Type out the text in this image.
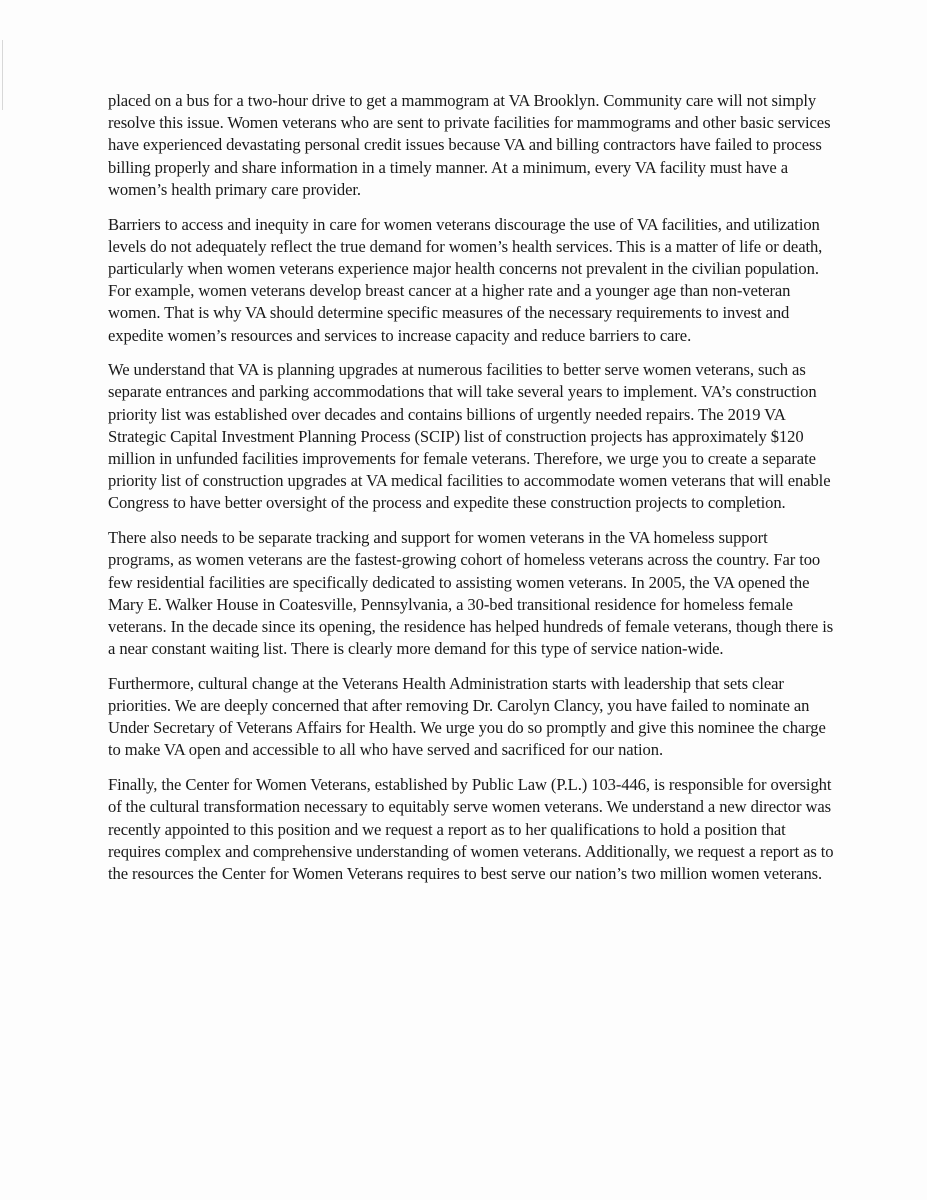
placed on a bus for a two-hour drive to get a mammogram at VA Brooklyn. Community care will not simply resolve this issue. Women veterans who are sent to private facilities for mammograms and other basic services have experienced devastating personal credit issues because VA and billing contractors have failed to process billing properly and share information in a timely manner. At a minimum, every VA facility must have a women’s health primary care provider.

Barriers to access and inequity in care for women veterans discourage the use of VA facilities, and utilization levels do not adequately reflect the true demand for women’s health services. This is a matter of life or death, particularly when women veterans experience major health concerns not prevalent in the civilian population. For example, women veterans develop breast cancer at a higher rate and a younger age than non-veteran women. That is why VA should determine specific measures of the necessary requirements to invest and expedite women’s resources and services to increase capacity and reduce barriers to care.

We understand that VA is planning upgrades at numerous facilities to better serve women veterans, such as separate entrances and parking accommodations that will take several years to implement. VA’s construction priority list was established over decades and contains billions of urgently needed repairs. The 2019 VA Strategic Capital Investment Planning Process (SCIP) list of construction projects has approximately $120 million in unfunded facilities improvements for female veterans. Therefore, we urge you to create a separate priority list of construction upgrades at VA medical facilities to accommodate women veterans that will enable Congress to have better oversight of the process and expedite these construction projects to completion.

There also needs to be separate tracking and support for women veterans in the VA homeless support programs, as women veterans are the fastest-growing cohort of homeless veterans across the country. Far too few residential facilities are specifically dedicated to assisting women veterans. In 2005, the VA opened the Mary E. Walker House in Coatesville, Pennsylvania, a 30-bed transitional residence for homeless female veterans. In the decade since its opening, the residence has helped hundreds of female veterans, though there is a near constant waiting list. There is clearly more demand for this type of service nation-wide.

Furthermore, cultural change at the Veterans Health Administration starts with leadership that sets clear priorities. We are deeply concerned that after removing Dr. Carolyn Clancy, you have failed to nominate an Under Secretary of Veterans Affairs for Health. We urge you do so promptly and give this nominee the charge to make VA open and accessible to all who have served and sacrificed for our nation.

Finally, the Center for Women Veterans, established by Public Law (P.L.) 103-446, is responsible for oversight of the cultural transformation necessary to equitably serve women veterans. We understand a new director was recently appointed to this position and we request a report as to her qualifications to hold a position that requires complex and comprehensive understanding of women veterans. Additionally, we request a report as to the resources the Center for Women Veterans requires to best serve our nation’s two million women veterans.
